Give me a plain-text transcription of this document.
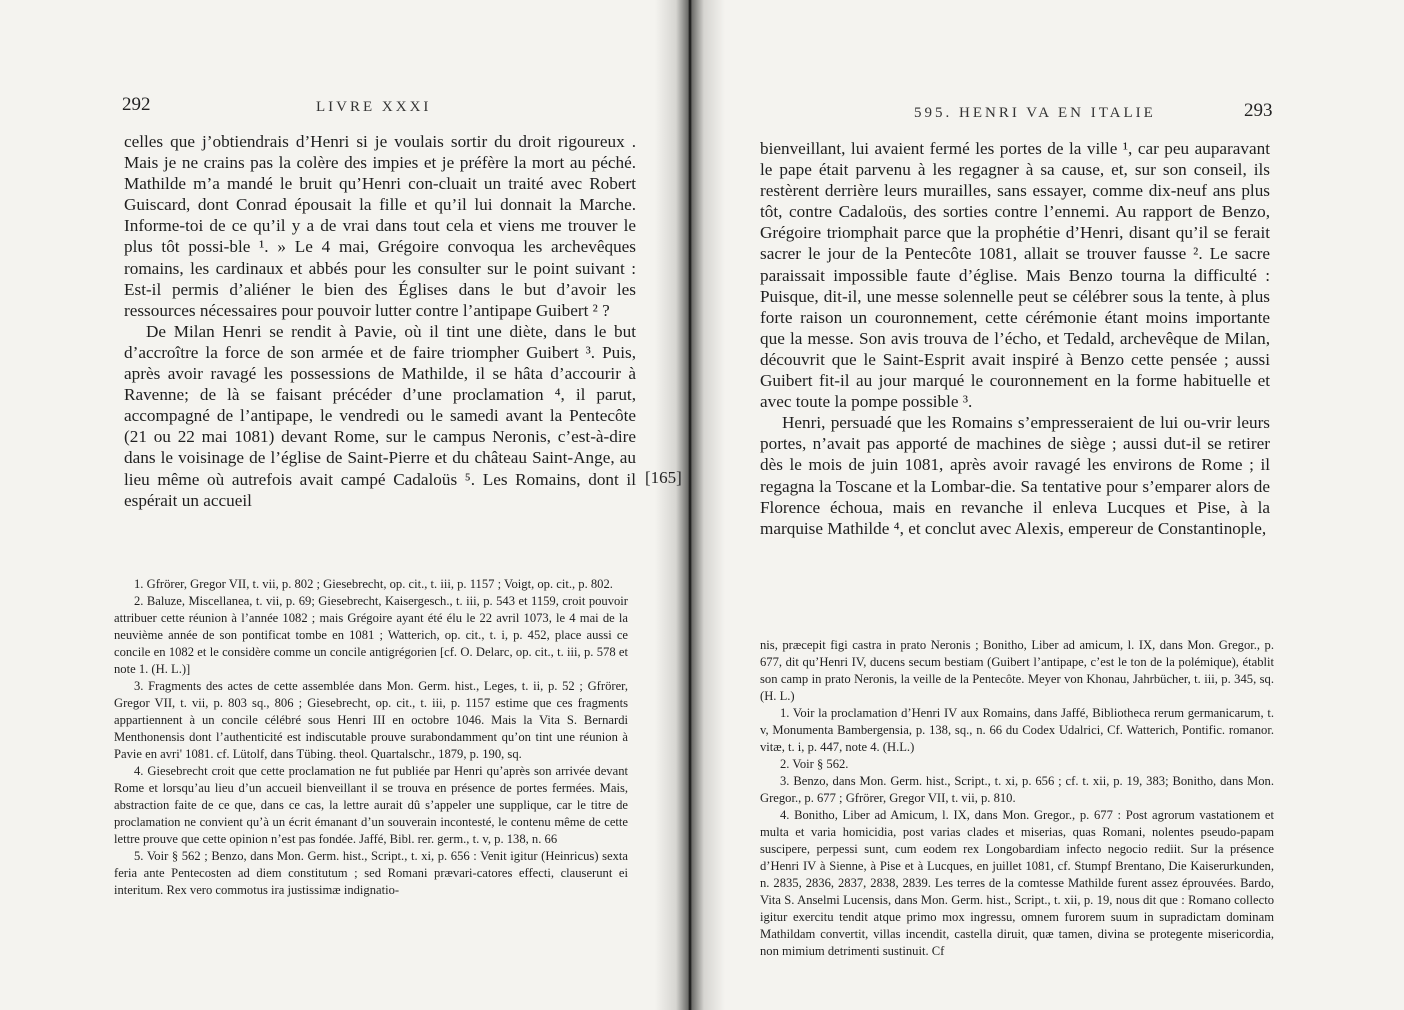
292	LIVRE XXXI

celles que j’obtiendrais d’Henri si je voulais sortir du droit rigoureux . Mais je ne crains pas la colère des impies et je préfère la mort au péché. Mathilde m’a mandé le bruit qu’Henri con-cluait un traité avec Robert Guiscard, dont Conrad épousait la fille et qu’il lui donnait la Marche. Informe-toi de ce qu’il y a de vrai dans tout cela et viens me trouver le plus tôt possi-ble ¹. » Le 4 mai, Grégoire convoqua les archevêques romains, les cardinaux et abbés pour les consulter sur le point suivant : Est-il permis d’aliéner le bien des Églises dans le but d’avoir les ressources nécessaires pour pouvoir lutter contre l’antipape Guibert ² ?

De Milan Henri se rendit à Pavie, où il tint une diète, dans le but d’accroître la force de son armée et de faire triompher Guibert ³. Puis, après avoir ravagé les possessions de Mathilde, il se hâta d’accourir à Ravenne; de là se faisant précéder d’une proclamation ⁴, il parut, accompagné de l’antipape, le vendredi ou le samedi avant la Pentecôte (21 ou 22 mai 1081) devant Rome, sur le campus Neronis, c’est-à-dire dans le voisinage de l’église de Saint-Pierre et du château Saint-Ange, au lieu même où autrefois avait campé Cadaloüs ⁵. Les Romains, dont il espérait un accueil

1. Gfrörer, Gregor VII, t. vii, p. 802 ; Giesebrecht, op. cit., t. iii, p. 1157 ; Voigt, op. cit., p. 802.

2. Baluze, Miscellanea, t. vii, p. 69; Giesebrecht, Kaisergesch., t. iii, p. 543 et 1159, croit pouvoir attribuer cette réunion à l’année 1082 ; mais Grégoire ayant été élu le 22 avril 1073, le 4 mai de la neuvième année de son pontificat tombe en 1081 ; Watterich, op. cit., t. i, p. 452, place aussi ce concile en 1082 et le considère comme un concile antigrégorien [cf. O. Delarc, op. cit., t. iii, p. 578 et note 1. (H. L.)]

3. Fragments des actes de cette assemblée dans Mon. Germ. hist., Leges, t. ii, p. 52 ; Gfrörer, Gregor VII, t. vii, p. 803 sq., 806 ; Giesebrecht, op. cit., t. iii, p. 1157 estime que ces fragments appartiennent à un concile célébré sous Henri III en octobre 1046. Mais la Vita S. Bernardi Menthonensis dont l’authenticité est indiscutable prouve surabondamment qu’on tint une réunion à Pavie en avri' 1081. cf. Lütolf, dans Tübing. theol. Quartalschr., 1879, p. 190, sq.

4. Giesebrecht croit que cette proclamation ne fut publiée par Henri qu’après son arrivée devant Rome et lorsqu’au lieu d’un accueil bienveillant il se trouva en présence de portes fermées. Mais, abstraction faite de ce que, dans ce cas, la lettre aurait dû s’appeler une supplique, car le titre de proclamation ne convient qu’à un écrit émanant d’un souverain incontesté, le contenu même de cette lettre prouve que cette opinion n’est pas fondée. Jaffé, Bibl. rer. germ., t. v, p. 138, n. 66

5. Voir § 562 ; Benzo, dans Mon. Germ. hist., Script., t. xi, p. 656 : Venit igitur (Heinricus) sexta feria ante Pentecosten ad diem constitutum ; sed Romani prævari-catores effecti, clauserunt ei interitum. Rex vero commotus ira justissimæ indignatio-

[165]
595. HENRI VA EN ITALIE	293

bienveillant, lui avaient fermé les portes de la ville ¹, car peu auparavant le pape était parvenu à les regagner à sa cause, et, sur son conseil, ils restèrent derrière leurs murailles, sans essayer, comme dix-neuf ans plus tôt, contre Cadaloüs, des sorties contre l’ennemi. Au rapport de Benzo, Grégoire triomphait parce que la prophétie d’Henri, disant qu’il se ferait sacrer le jour de la Pentecôte 1081, allait se trouver fausse ². Le sacre paraissait impossible faute d’église. Mais Benzo tourna la difficulté : Puisque, dit-il, une messe solennelle peut se célébrer sous la tente, à plus forte raison un couronnement, cette cérémonie étant moins importante que la messe. Son avis trouva de l’écho, et Tedald, archevêque de Milan, découvrit que le Saint-Esprit avait inspiré à Benzo cette pensée ; aussi Guibert fit-il au jour marqué le couronnement en la forme habituelle et avec toute la pompe possible ³.

Henri, persuadé que les Romains s’empresseraient de lui ou-vrir leurs portes, n’avait pas apporté de machines de siège ; aussi dut-il se retirer dès le mois de juin 1081, après avoir ravagé les environs de Rome ; il regagna la Toscane et la Lombar-die. Sa tentative pour s’emparer alors de Florence échoua, mais en revanche il enleva Lucques et Pise, à la marquise Mathilde ⁴, et conclut avec Alexis, empereur de Constantinople,

nis, præcepit figi castra in prato Neronis ; Bonitho, Liber ad amicum, l. IX, dans Mon. Gregor., p. 677, dit qu’Henri IV, ducens secum bestiam (Guibert l’antipape, c’est le ton de la polémique), établit son camp in prato Neronis, la veille de la Pentecôte. Meyer von Khonau, Jahrbücher, t. iii, p. 345, sq. (H. L.)

1. Voir la proclamation d’Henri IV aux Romains, dans Jaffé, Bibliotheca rerum germanicarum, t. v, Monumenta Bambergensia, p. 138, sq., n. 66 du Codex Udalrici, Cf. Watterich, Pontific. romanor. vitæ, t. i, p. 447, note 4. (H.L.)

2. Voir § 562.

3. Benzo, dans Mon. Germ. hist., Script., t. xi, p. 656 ; cf. t. xii, p. 19, 383; Bonitho, dans Mon. Gregor., p. 677 ; Gfrörer, Gregor VII, t. vii, p. 810.

4. Bonitho, Liber ad Amicum, l. IX, dans Mon. Gregor., p. 677 : Post agrorum vastationem et multa et varia homicidia, post varias clades et miserias, quas Romani, nolentes pseudo-papam suscipere, perpessi sunt, cum eodem rex Longobardiam infecto negocio rediit. Sur la présence d’Henri IV à Sienne, à Pise et à Lucques, en juillet 1081, cf. Stumpf Brentano, Die Kaiserurkunden, n. 2835, 2836, 2837, 2838, 2839. Les terres de la comtesse Mathilde furent assez éprouvées. Bardo, Vita S. Anselmi Lucensis, dans Mon. Germ. hist., Script., t. xii, p. 19, nous dit que : Romano collecto igitur exercitu tendit atque primo mox ingressu, omnem furorem suum in supradictam dominam Mathildam convertit, villas incendit, castella diruit, quæ tamen, divina se protegente misericordia, non mimium detrimenti sustinuit. Cf
